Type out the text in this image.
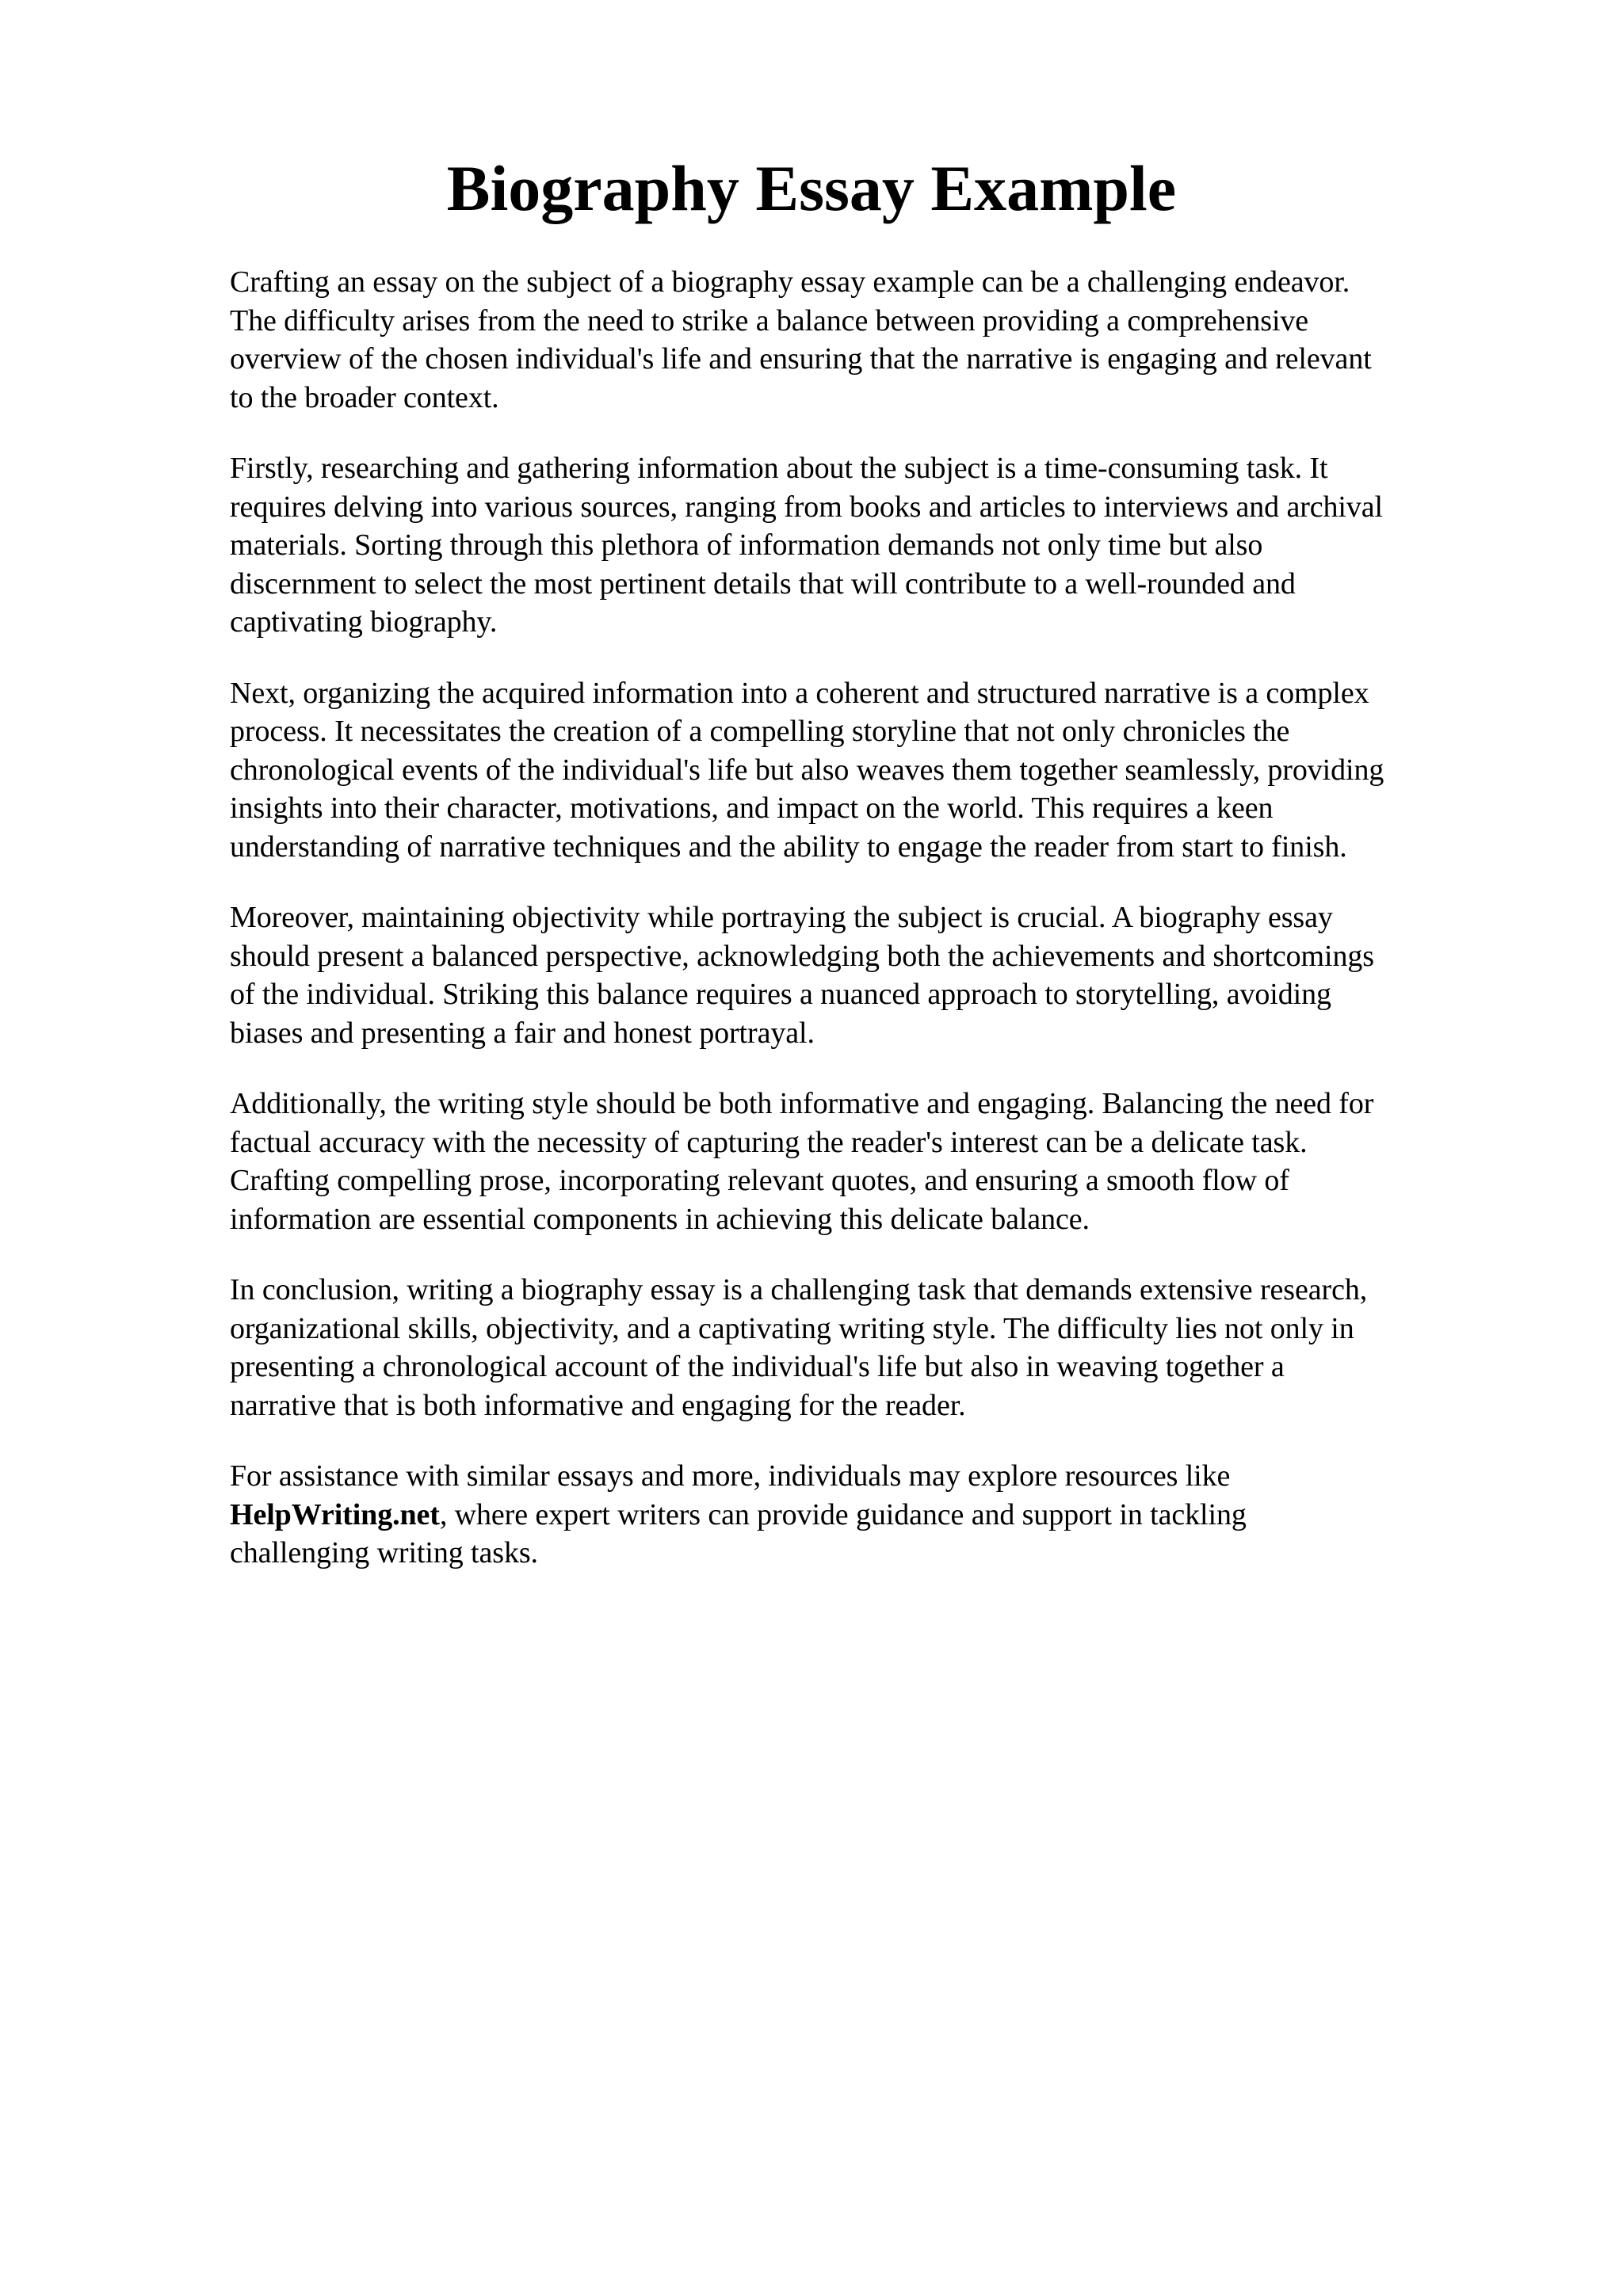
Biography Essay Example

Crafting an essay on the subject of a biography essay example can be a challenging endeavor.
The difficulty arises from the need to strike a balance between providing a comprehensive
overview of the chosen individual's life and ensuring that the narrative is engaging and relevant
to the broader context.

Firstly, researching and gathering information about the subject is a time-consuming task. It
requires delving into various sources, ranging from books and articles to interviews and archival
materials. Sorting through this plethora of information demands not only time but also
discernment to select the most pertinent details that will contribute to a well-rounded and
captivating biography.

Next, organizing the acquired information into a coherent and structured narrative is a complex
process. It necessitates the creation of a compelling storyline that not only chronicles the
chronological events of the individual's life but also weaves them together seamlessly, providing
insights into their character, motivations, and impact on the world. This requires a keen
understanding of narrative techniques and the ability to engage the reader from start to finish.

Moreover, maintaining objectivity while portraying the subject is crucial. A biography essay
should present a balanced perspective, acknowledging both the achievements and shortcomings
of the individual. Striking this balance requires a nuanced approach to storytelling, avoiding
biases and presenting a fair and honest portrayal.

Additionally, the writing style should be both informative and engaging. Balancing the need for
factual accuracy with the necessity of capturing the reader's interest can be a delicate task.
Crafting compelling prose, incorporating relevant quotes, and ensuring a smooth flow of
information are essential components in achieving this delicate balance.

In conclusion, writing a biography essay is a challenging task that demands extensive research,
organizational skills, objectivity, and a captivating writing style. The difficulty lies not only in
presenting a chronological account of the individual's life but also in weaving together a
narrative that is both informative and engaging for the reader.

For assistance with similar essays and more, individuals may explore resources like
HelpWriting.net, where expert writers can provide guidance and support in tackling
challenging writing tasks.
